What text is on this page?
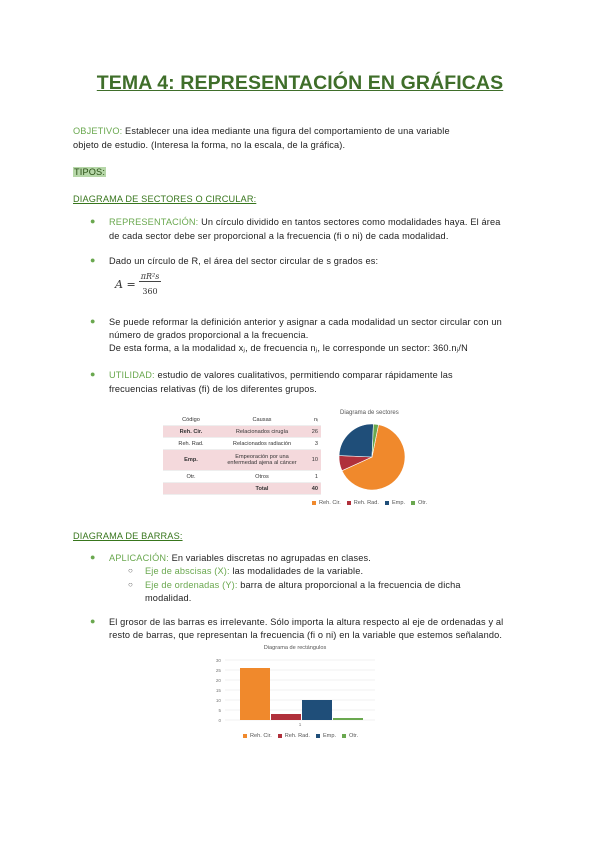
TEMA 4: REPRESENTACIÓN EN GRÁFICAS
OBJETIVO: Establecer una idea mediante una figura del comportamiento de una variable
objeto de estudio. (Interesa la forma, no la escala, de la gráfica).
TIPOS:
DIAGRAMA DE SECTORES O CIRCULAR:
● REPRESENTACIÓN: Un círculo dividido en tantos sectores como modalidades haya. El área
de cada sector debe ser proporcional a la frecuencia (fi o ni) de cada modalidad.
● Dado un círculo de R, el área del sector circular de s grados es:
A =
πR²s
360
● Se puede reformar la definición anterior y asignar a cada modalidad un sector circular con un
número de grados proporcional a la frecuencia.
De esta forma, a la modalidad xⱼ, de frecuencia nⱼ, le corresponde un sector: 360.nⱼ/N
● UTILIDAD: estudio de valores cualitativos, permitiendo comparar rápidamente las
frecuencias relativas (fi) de los diferentes grupos.
Código	Causas	nᵢ
Reh. Cir.	Relacionados cirugía	26
Reh. Rad.	Relacionados radiación	3
Emp.	Empeoración por una enfermedad ajena al cáncer	10
Otr.	Otros	1
	Total	40
Diagrama de sectores
Reh. Cir. Reh. Rad. Emp. Otr.
DIAGRAMA DE BARRAS:
● APLICACIÓN: En variables discretas no agrupadas en clases.
○ Eje de abscisas (X): las modalidades de la variable.
○ Eje de ordenadas (Y): barra de altura proporcional a la frecuencia de dicha
modalidad.
● El grosor de las barras es irrelevante. Sólo importa la altura respecto al eje de ordenadas y al
resto de barras, que representan la frecuencia (fi o ni) en la variable que estemos señalando.
Diagrama de rectángulos
30
25
20
15
10
5
0
1
Reh. Cir. Reh. Rad. Emp. Otr.
